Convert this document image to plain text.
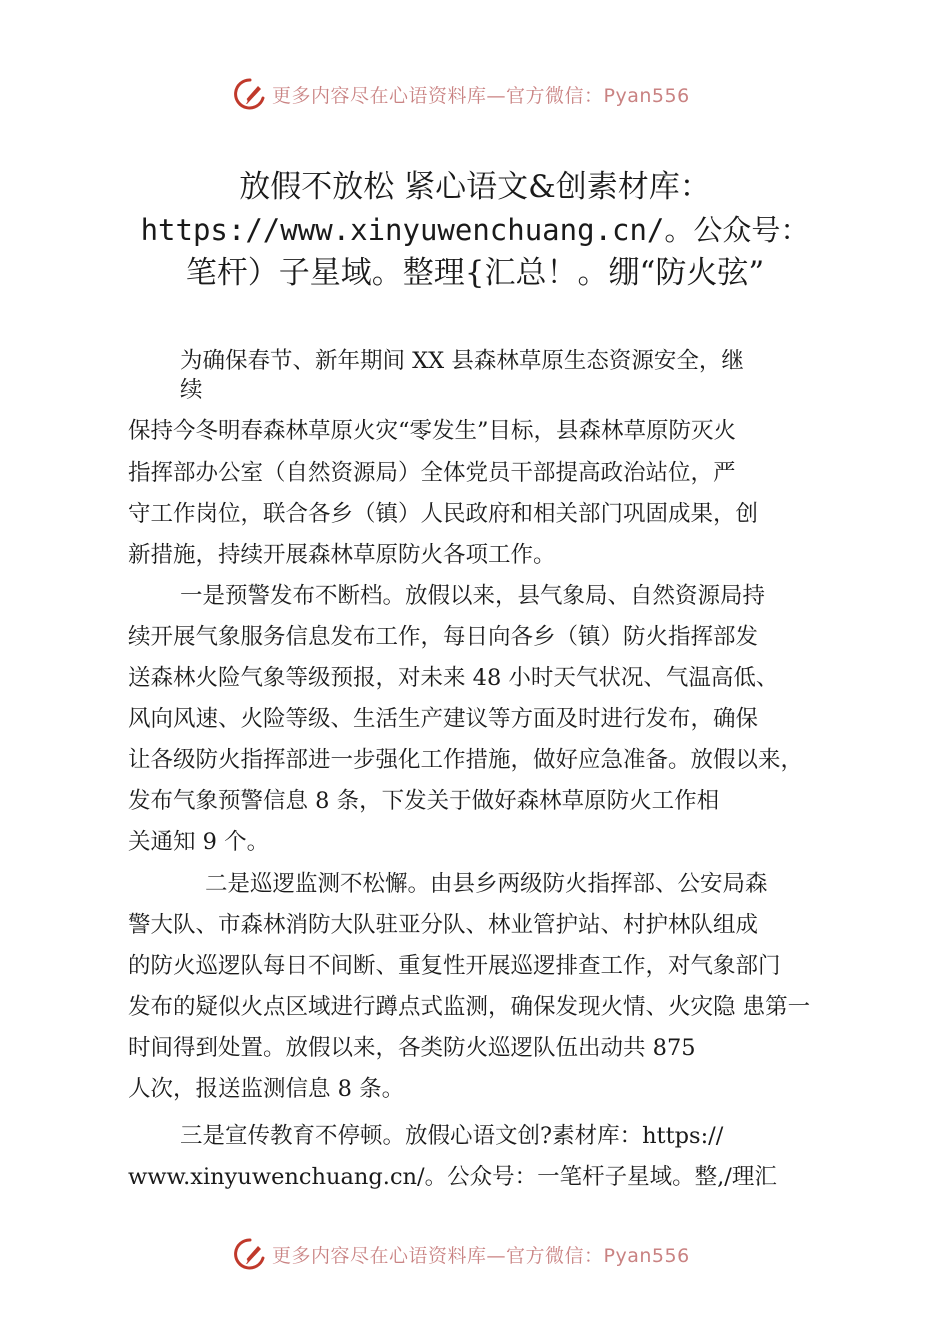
更多内容尽在心语资料库—官方微信：Pyan556
放假不放松 紧心语文&创素材库：
https://www.xinyuwenchuang.cn/。公众号：
笔杆）子星域。整理{汇总！。绷“防火弦”
为确保春节、新年期间 XX 县森林草原生态资源安全，继
续
保持今冬明春森林草原火灾“零发生”目标，县森林草原防灭火
指挥部办公室（自然资源局）全体党员干部提高政治站位，严
守工作岗位，联合各乡（镇）人民政府和相关部门巩固成果，创
新措施，持续开展森林草原防火各项工作。
一是预警发布不断档。放假以来，县气象局、自然资源局持
续开展气象服务信息发布工作，每日向各乡（镇）防火指挥部发
送森林火险气象等级预报，对未来 48 小时天气状况、气温高低、
风向风速、火险等级、生活生产建议等方面及时进行发布，确保
让各级防火指挥部进一步强化工作措施，做好应急准备。放假以来，
发布气象预警信息 8 条，下发关于做好森林草原防火工作相
关通知 9 个。
二是巡逻监测不松懈。由县乡两级防火指挥部、公安局森
警大队、市森林消防大队驻亚分队、林业管护站、村护林队组成
的防火巡逻队每日不间断、重复性开展巡逻排查工作，对气象部门
发布的疑似火点区域进行蹲点式监测，确保发现火情、火灾隐 患第一
时间得到处置。放假以来，各类防火巡逻队伍出动共 875
人次，报送监测信息 8 条。
三是宣传教育不停顿。放假心语文创?素材库：https://
www.xinyuwenchuang.cn/。公众号：一笔杆子星域。整,/理汇
更多内容尽在心语资料库—官方微信：Pyan556
